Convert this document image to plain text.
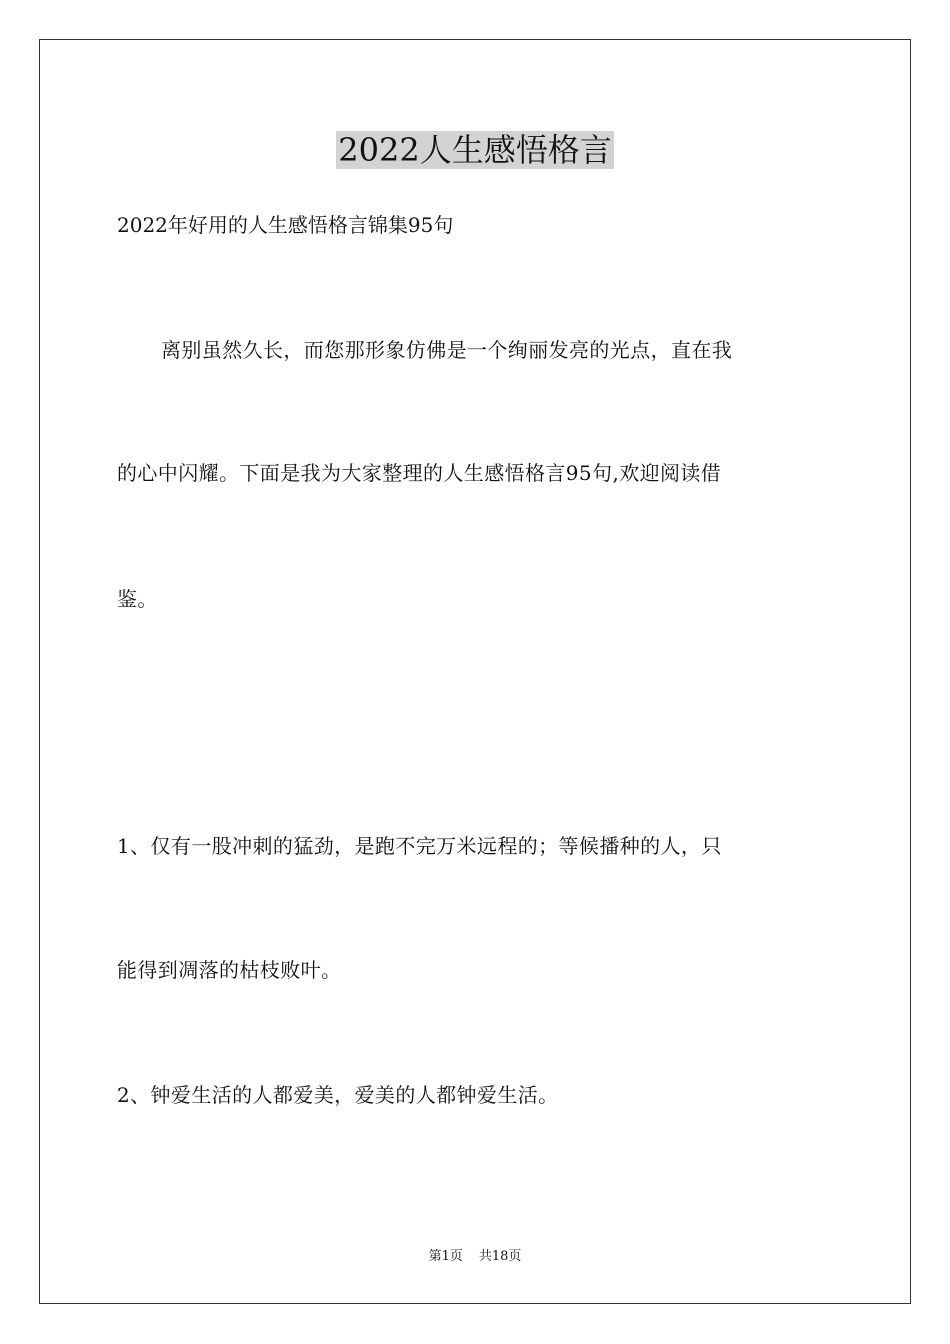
2022人生感悟格言
2022年好用的人生感悟格言锦集95句
离别虽然久长，而您那形象仿佛是一个绚丽发亮的光点，直在我
的心中闪耀。下面是我为大家整理的人生感悟格言95句,欢迎阅读借
鉴。
1、仅有一股冲刺的猛劲，是跑不完万米远程的；等候播种的人，只
能得到凋落的枯枝败叶。
2、钟爱生活的人都爱美，爱美的人都钟爱生活。
第1页 共18页
